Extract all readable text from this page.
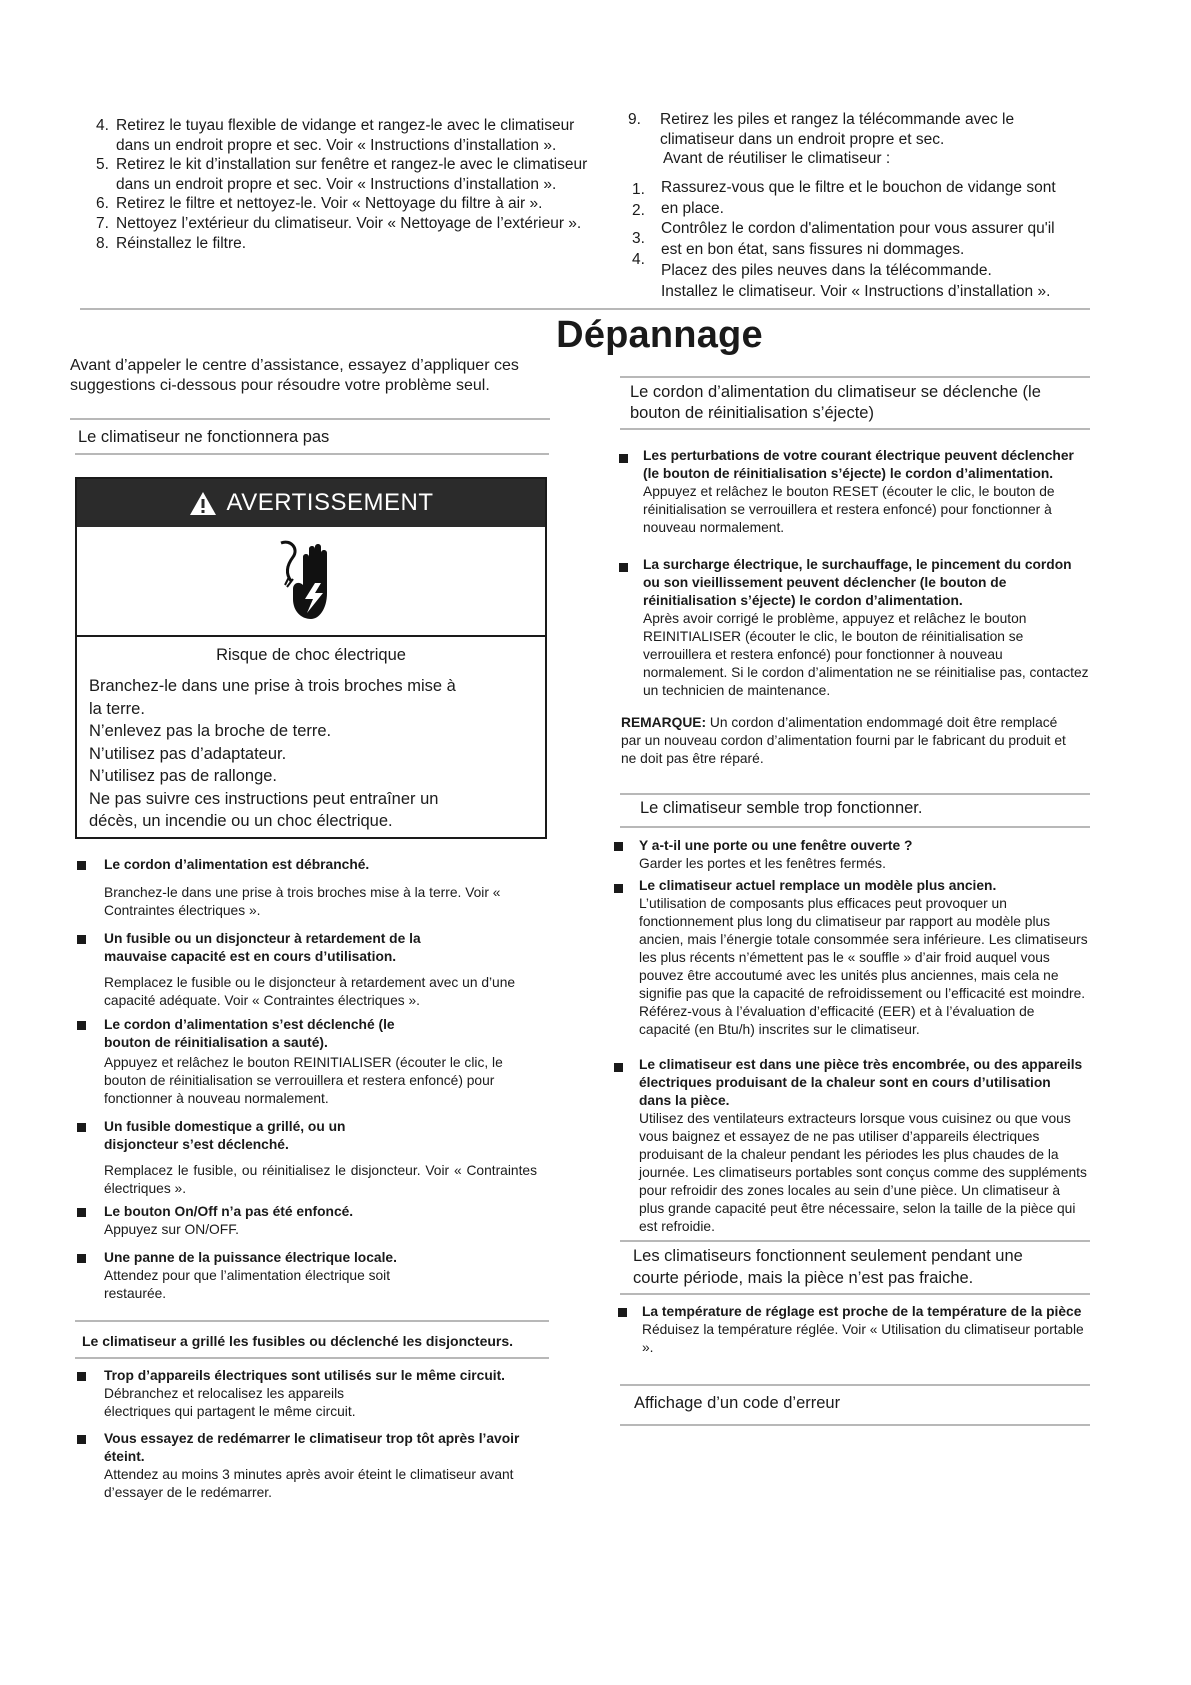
4. Retirez le tuyau flexible de vidange et rangez-le avec le climatiseur dans un endroit propre et sec. Voir « Instructions d’installation ».
5. Retirez le kit d’installation sur fenêtre et rangez-le avec le climatiseur dans un endroit propre et sec. Voir « Instructions d’installation ».
6. Retirez le filtre et nettoyez-le. Voir « Nettoyage du filtre à air ».
7. Nettoyez l’extérieur du climatiseur. Voir « Nettoyage de l’extérieur ».
8. Réinstallez le filtre.
9.	Retirez les piles et rangez la télécommande avec le climatiseur dans un endroit propre et sec.
Avant de réutiliser le climatiseur :
1.
2.
3.
4.
Rassurez-vous que le filtre et le bouchon de vidange sont
en place.
Contrôlez le cordon d'alimentation pour vous assurer qu'il
est en bon état, sans fissures ni dommages.
Placez des piles neuves dans la télécommande.
Installez le climatiseur. Voir « Instructions d’installation ».
Dépannage
Avant d’appeler le centre d’assistance, essayez d’appliquer ces suggestions ci-dessous pour résoudre votre problème seul.
Le climatiseur ne fonctionnera pas
AVERTISSEMENT
Risque de choc électrique
Branchez-le dans une prise à trois broches mise à
la terre.
N’enlevez pas la broche de terre.
N’utilisez pas d’adaptateur.
N’utilisez pas de rallonge.
Ne pas suivre ces instructions peut entraîner un
décès, un incendie ou un choc électrique.
Le cordon d’alimentation est débranché.
Branchez-le dans une prise à trois broches mise à la terre. Voir « Contraintes électriques ».
Un fusible ou un disjoncteur à retardement de la mauvaise capacité est en cours d’utilisation.
Remplacez le fusible ou le disjoncteur à retardement avec un d’une capacité adéquate. Voir « Contraintes électriques ».
Le cordon d’alimentation s’est déclenché (le bouton de réinitialisation a sauté).
Appuyez et relâchez le bouton REINITIALISER (écouter le clic, le bouton de réinitialisation se verrouillera et restera enfoncé) pour fonctionner à nouveau normalement.
Un fusible domestique a grillé, ou un disjoncteur s’est déclenché.
Remplacez le fusible, ou réinitialisez le disjoncteur. Voir « Contraintes électriques ».
Le bouton On/Off n’a pas été enfoncé.
Appuyez sur ON/OFF.
Une panne de la puissance électrique locale.
Attendez pour que l’alimentation électrique soit restaurée.
Le climatiseur a grillé les fusibles ou déclenché les disjoncteurs.
Trop d’appareils électriques sont utilisés sur le même circuit.
Débranchez et relocalisez les appareils électriques qui partagent le même circuit.
Vous essayez de redémarrer le climatiseur trop tôt après l’avoir éteint.
Attendez au moins 3 minutes après avoir éteint le climatiseur avant d’essayer de le redémarrer.
Le cordon d’alimentation du climatiseur se déclenche (le bouton de réinitialisation s’éjecte)
Les perturbations de votre courant électrique peuvent déclencher (le bouton de réinitialisation s’éjecte) le cordon d’alimentation.
Appuyez et relâchez le bouton RESET (écouter le clic, le bouton de réinitialisation se verrouillera et restera enfoncé) pour fonctionner à nouveau normalement.
La surcharge électrique, le surchauffage, le pincement du cordon ou son vieillissement peuvent déclencher (le bouton de réinitialisation s’éjecte) le cordon d’alimentation.
Après avoir corrigé le problème, appuyez et relâchez le bouton REINITIALISER (écouter le clic, le bouton de réinitialisation se verrouillera et restera enfoncé) pour fonctionner à nouveau normalement. Si le cordon d’alimentation ne se réinitialise pas, contactez un technicien de maintenance.
REMARQUE: Un cordon d’alimentation endommagé doit être remplacé par un nouveau cordon d’alimentation fourni par le fabricant du produit et ne doit pas être réparé.
Le climatiseur semble trop fonctionner.
Y a-t-il une porte ou une fenêtre ouverte ?
Garder les portes et les fenêtres fermés.
Le climatiseur actuel remplace un modèle plus ancien.
L’utilisation de composants plus efficaces peut provoquer un fonctionnement plus long du climatiseur par rapport au modèle plus ancien, mais l’énergie totale consommée sera inférieure. Les climatiseurs les plus récents n’émettent pas le « souffle » d’air froid auquel vous pouvez être accoutumé avec les unités plus anciennes, mais cela ne signifie pas que la capacité de refroidissement ou l’efficacité est moindre. Référez-vous à l’évaluation d’efficacité (EER) et à l’évaluation de capacité (en Btu/h) inscrites sur le climatiseur.
Le climatiseur est dans une pièce très encombrée, ou des appareils électriques produisant de la chaleur sont en cours d’utilisation dans la pièce.
Utilisez des ventilateurs extracteurs lorsque vous cuisinez ou que vous vous baignez et essayez de ne pas utiliser d’appareils électriques produisant de la chaleur pendant les périodes les plus chaudes de la journée. Les climatiseurs portables sont conçus comme des suppléments pour refroidir des zones locales au sein d’une pièce. Un climatiseur à plus grande capacité peut être nécessaire, selon la taille de la pièce qui est refroidie.
Les climatiseurs fonctionnent seulement pendant une courte période, mais la pièce n’est pas fraiche.
La température de réglage est proche de la température de la pièce
Réduisez la température réglée. Voir « Utilisation du climatiseur portable ».
Affichage d’un code d’erreur
